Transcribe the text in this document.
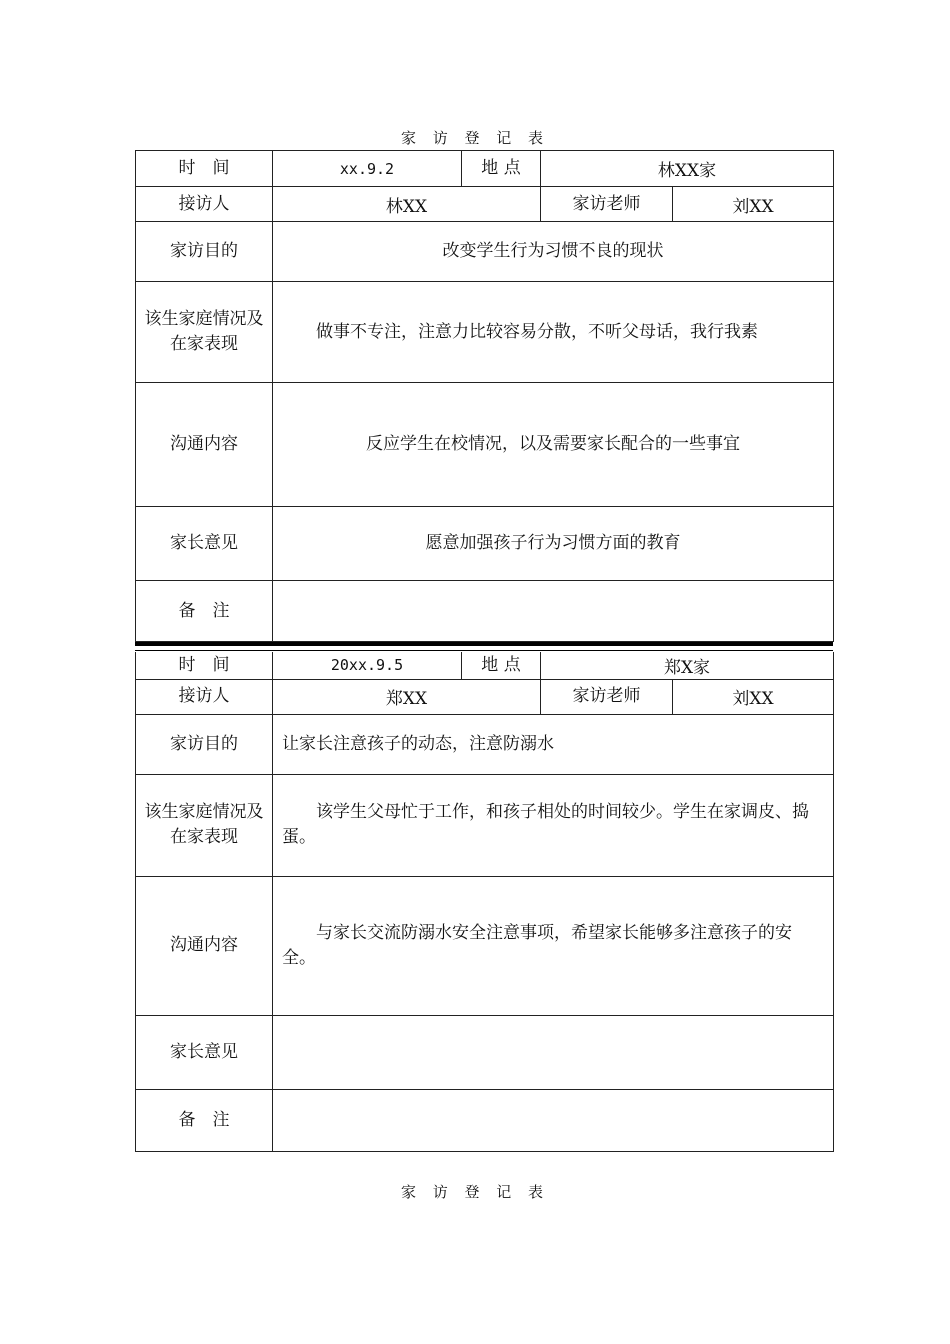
家 访 登 记 表
时　间	xx.9.2	地 点	林XX家	
接访人	林XX		家访老师	刘XX
家访目的	改变学生行为习惯不良的现状			
该生家庭情况及在家表现	做事不专注，注意力比较容易分散，不听父母话，我行我素			
沟通内容	反应学生在校情况，以及需要家长配合的一些事宜			
家长意见	愿意加强孩子行为习惯方面的教育			
备　注				
时　间	20xx.9.5	地 点	郑X家	
接访人	郑XX		家访老师	刘XX
家访目的	让家长注意孩子的动态，注意防溺水			
该生家庭情况及在家表现	该学生父母忙于工作，和孩子相处的时间较少。学生在家调皮、捣蛋。			
沟通内容	与家长交流防溺水安全注意事项，希望家长能够多注意孩子的安全。			
家长意见				
备　注				
家 访 登 记 表
